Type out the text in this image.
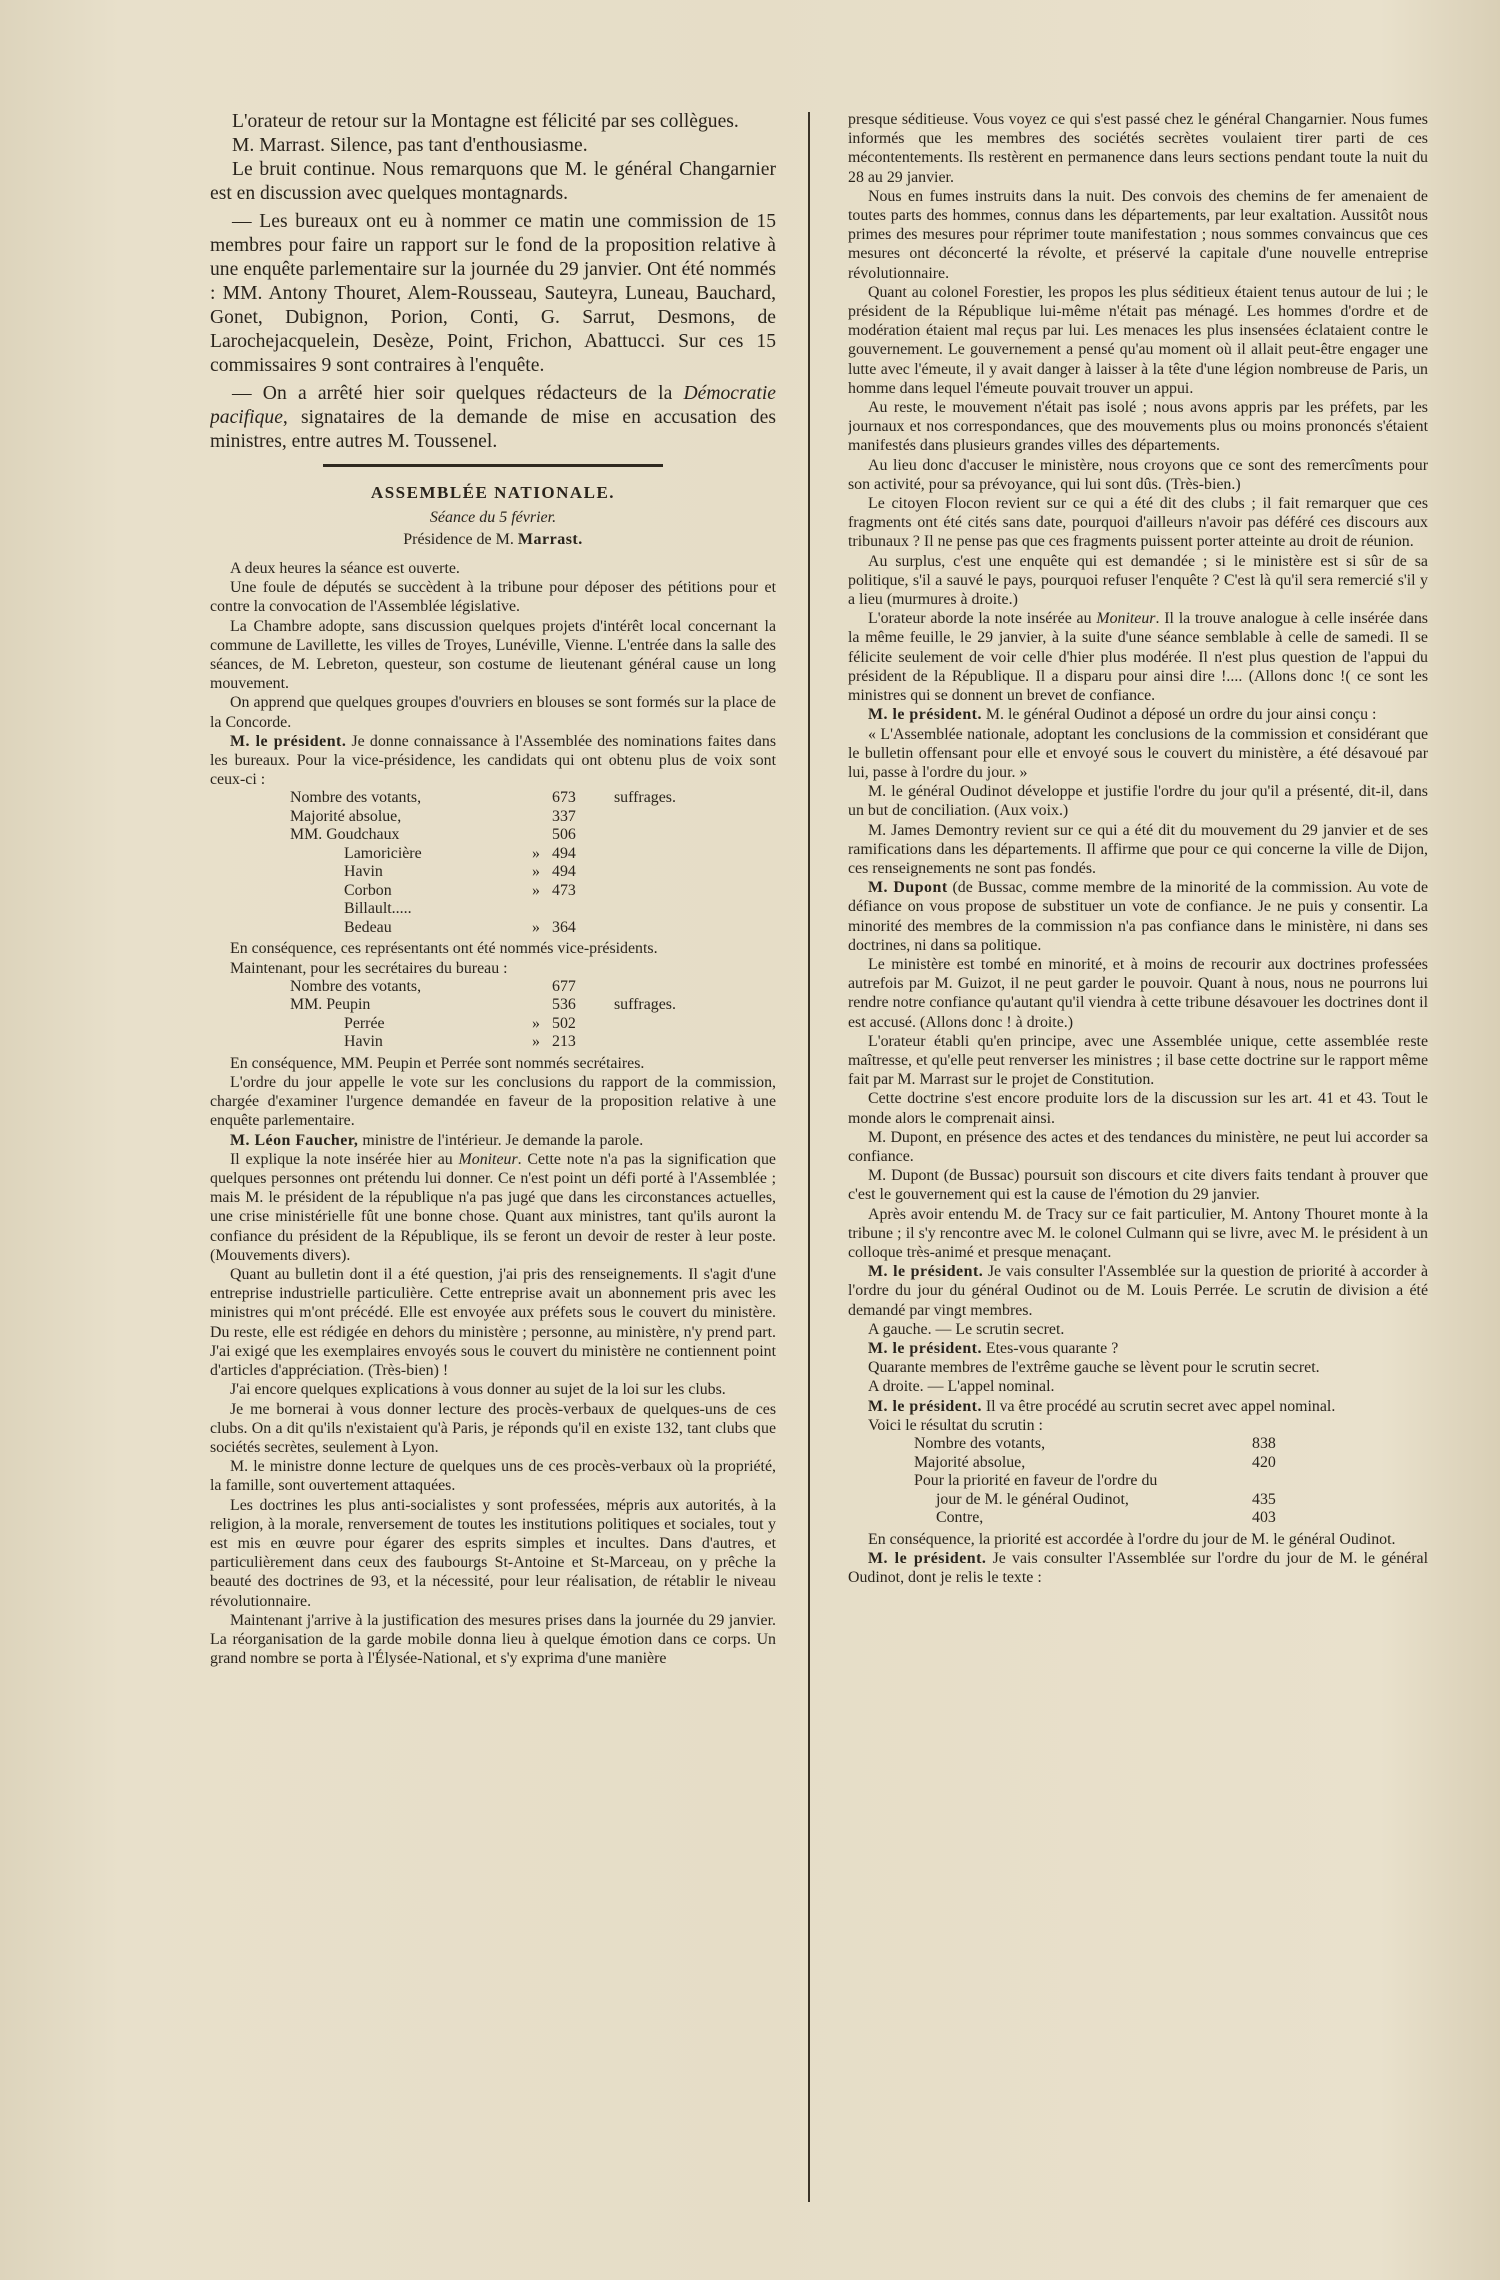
L'orateur de retour sur la Montagne est félicité par ses collègues.

M. Marrast. Silence, pas tant d'enthousiasme.

Le bruit continue. Nous remarquons que M. le général Changarnier est en discussion avec quelques montagnards.

— Les bureaux ont eu à nommer ce matin une commission de 15 membres pour faire un rapport sur le fond de la proposition relative à une enquête parlementaire sur la journée du 29 janvier. Ont été nommés : MM. Antony Thouret, Alem-Rousseau, Sauteyra, Luneau, Bauchard, Gonet, Dubignon, Porion, Conti, G. Sarrut, Desmons, de Larochejacquelein, Desèze, Point, Frichon, Abattucci. Sur ces 15 commissaires 9 sont contraires à l'enquête.

— On a arrêté hier soir quelques rédacteurs de la Démocratie pacifique, signataires de la demande de mise en accusation des ministres, entre autres M. Toussenel.

ASSEMBLÉE NATIONALE.
Séance du 5 février.
Présidence de M. Marrast.

A deux heures la séance est ouverte.

Une foule de députés se succèdent à la tribune pour déposer des pétitions pour et contre la convocation de l'Assemblée législative.

La Chambre adopte, sans discussion quelques projets d'intérêt local concernant la commune de Lavillette, les villes de Troyes, Lunéville, Vienne. L'entrée dans la salle des séances, de M. Lebreton, questeur, son costume de lieutenant général cause un long mouvement.

On apprend que quelques groupes d'ouvriers en blouses se sont formés sur la place de la Concorde.

M. le président. Je donne connaissance à l'Assemblée des nominations faites dans les bureaux. Pour la vice-présidence, les candidats qui ont obtenu plus de voix sont ceux-ci :

Nombre des votants,		673	suffrages.
Majorité absolue,		337	
MM. Goudchaux		506	
Lamoricière	»	494	
Havin	»	494	
Corbon	»	473	
Billault.....			
Bedeau	»	364	

En conséquence, ces représentants ont été nommés vice-présidents.

Maintenant, pour les secrétaires du bureau :

Nombre des votants,		677	
MM. Peupin		536	suffrages.
Perrée	»	502	
Havin	»	213	

En conséquence, MM. Peupin et Perrée sont nommés secrétaires.

L'ordre du jour appelle le vote sur les conclusions du rapport de la commission, chargée d'examiner l'urgence demandée en faveur de la proposition relative à une enquête parlementaire.

M. Léon Faucher, ministre de l'intérieur. Je demande la parole.

Il explique la note insérée hier au Moniteur. Cette note n'a pas la signification que quelques personnes ont prétendu lui donner. Ce n'est point un défi porté à l'Assemblée ; mais M. le président de la république n'a pas jugé que dans les circonstances actuelles, une crise ministérielle fût une bonne chose. Quant aux ministres, tant qu'ils auront la confiance du président de la République, ils se feront un devoir de rester à leur poste. (Mouvements divers).

Quant au bulletin dont il a été question, j'ai pris des renseignements. Il s'agit d'une entreprise industrielle particulière. Cette entreprise avait un abonnement pris avec les ministres qui m'ont précédé. Elle est envoyée aux préfets sous le couvert du ministère. Du reste, elle est rédigée en dehors du ministère ; personne, au ministère, n'y prend part. J'ai exigé que les exemplaires envoyés sous le couvert du ministère ne contiennent point d'articles d'appréciation. (Très-bien) !

J'ai encore quelques explications à vous donner au sujet de la loi sur les clubs.

Je me bornerai à vous donner lecture des procès-verbaux de quelques-uns de ces clubs. On a dit qu'ils n'existaient qu'à Paris, je réponds qu'il en existe 132, tant clubs que sociétés secrètes, seulement à Lyon.

M. le ministre donne lecture de quelques uns de ces procès-verbaux où la propriété, la famille, sont ouvertement attaquées.

Les doctrines les plus anti-socialistes y sont professées, mépris aux autorités, à la religion, à la morale, renversement de toutes les institutions politiques et sociales, tout y est mis en œuvre pour égarer des esprits simples et incultes. Dans d'autres, et particulièrement dans ceux des faubourgs St-Antoine et St-Marceau, on y prêche la beauté des doctrines de 93, et la nécessité, pour leur réalisation, de rétablir le niveau révolutionnaire.

Maintenant j'arrive à la justification des mesures prises dans la journée du 29 janvier. La réorganisation de la garde mobile donna lieu à quelque émotion dans ce corps. Un grand nombre se porta à l'Élysée-National, et s'y exprima d'une manière

presque séditieuse. Vous voyez ce qui s'est passé chez le général Changarnier. Nous fumes informés que les membres des sociétés secrètes voulaient tirer parti de ces mécontentements. Ils restèrent en permanence dans leurs sections pendant toute la nuit du 28 au 29 janvier.

Nous en fumes instruits dans la nuit. Des convois des chemins de fer amenaient de toutes parts des hommes, connus dans les départements, par leur exaltation. Aussitôt nous primes des mesures pour réprimer toute manifestation ; nous sommes convaincus que ces mesures ont déconcerté la révolte, et préservé la capitale d'une nouvelle entreprise révolutionnaire.

Quant au colonel Forestier, les propos les plus séditieux étaient tenus autour de lui ; le président de la République lui-même n'était pas ménagé. Les hommes d'ordre et de modération étaient mal reçus par lui. Les menaces les plus insensées éclataient contre le gouvernement. Le gouvernement a pensé qu'au moment où il allait peut-être engager une lutte avec l'émeute, il y avait danger à laisser à la tête d'une légion nombreuse de Paris, un homme dans lequel l'émeute pouvait trouver un appui.

Au reste, le mouvement n'était pas isolé ; nous avons appris par les préfets, par les journaux et nos correspondances, que des mouvements plus ou moins prononcés s'étaient manifestés dans plusieurs grandes villes des départements.

Au lieu donc d'accuser le ministère, nous croyons que ce sont des remercîments pour son activité, pour sa prévoyance, qui lui sont dûs. (Très-bien.)

Le citoyen Flocon revient sur ce qui a été dit des clubs ; il fait remarquer que ces fragments ont été cités sans date, pourquoi d'ailleurs n'avoir pas déféré ces discours aux tribunaux ? Il ne pense pas que ces fragments puissent porter atteinte au droit de réunion.

Au surplus, c'est une enquête qui est demandée ; si le ministère est si sûr de sa politique, s'il a sauvé le pays, pourquoi refuser l'enquête ? C'est là qu'il sera remercié s'il y a lieu (murmures à droite.)

L'orateur aborde la note insérée au Moniteur. Il la trouve analogue à celle insérée dans la même feuille, le 29 janvier, à la suite d'une séance semblable à celle de samedi. Il se félicite seulement de voir celle d'hier plus modérée. Il n'est plus question de l'appui du président de la République. Il a disparu pour ainsi dire !.... (Allons donc !( ce sont les ministres qui se donnent un brevet de confiance.

M. le président. M. le général Oudinot a déposé un ordre du jour ainsi conçu :

« L'Assemblée nationale, adoptant les conclusions de la commission et considérant que le bulletin offensant pour elle et envoyé sous le couvert du ministère, a été désavoué par lui, passe à l'ordre du jour. »

M. le général Oudinot développe et justifie l'ordre du jour qu'il a présenté, dit-il, dans un but de conciliation. (Aux voix.)

M. James Demontry revient sur ce qui a été dit du mouvement du 29 janvier et de ses ramifications dans les départements. Il affirme que pour ce qui concerne la ville de Dijon, ces renseignements ne sont pas fondés.

M. Dupont (de Bussac, comme membre de la minorité de la commission. Au vote de défiance on vous propose de substituer un vote de confiance. Je ne puis y consentir. La minorité des membres de la commission n'a pas confiance dans le ministère, ni dans ses doctrines, ni dans sa politique.

Le ministère est tombé en minorité, et à moins de recourir aux doctrines professées autrefois par M. Guizot, il ne peut garder le pouvoir. Quant à nous, nous ne pourrons lui rendre notre confiance qu'autant qu'il viendra à cette tribune désavouer les doctrines dont il est accusé. (Allons donc ! à droite.)

L'orateur établi qu'en principe, avec une Assemblée unique, cette assemblée reste maîtresse, et qu'elle peut renverser les ministres ; il base cette doctrine sur le rapport même fait par M. Marrast sur le projet de Constitution.

Cette doctrine s'est encore produite lors de la discussion sur les art. 41 et 43. Tout le monde alors le comprenait ainsi.

M. Dupont, en présence des actes et des tendances du ministère, ne peut lui accorder sa confiance.

M. Dupont (de Bussac) poursuit son discours et cite divers faits tendant à prouver que c'est le gouvernement qui est la cause de l'émotion du 29 janvier.

Après avoir entendu M. de Tracy sur ce fait particulier, M. Antony Thouret monte à la tribune ; il s'y rencontre avec M. le colonel Culmann qui se livre, avec M. le président à un colloque très-animé et presque menaçant.

M. le président. Je vais consulter l'Assemblée sur la question de priorité à accorder à l'ordre du jour du général Oudinot ou de M. Louis Perrée. Le scrutin de division a été demandé par vingt membres.

A gauche. — Le scrutin secret.

M. le président. Etes-vous quarante ?

Quarante membres de l'extrême gauche se lèvent pour le scrutin secret.

A droite. — L'appel nominal.

M. le président. Il va être procédé au scrutin secret avec appel nominal.

Voici le résultat du scrutin :

Nombre des votants,	838
Majorité absolue,	420
Pour la priorité en faveur de l'ordre du	
jour de M. le général Oudinot,	435
Contre,	403

En conséquence, la priorité est accordée à l'ordre du jour de M. le général Oudinot.

M. le président. Je vais consulter l'Assemblée sur l'ordre du jour de M. le général Oudinot, dont je relis le texte :
